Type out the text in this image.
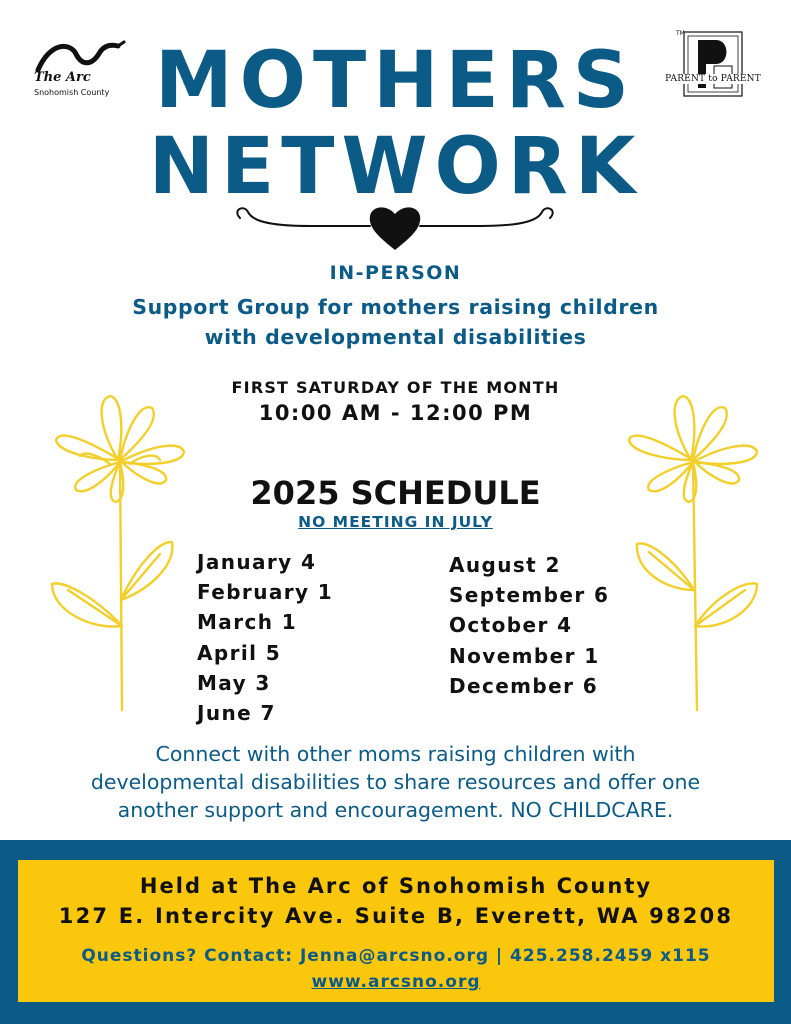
The Arc
Snohomish County
TM
PARENT to PARENT
MOTHERS
NETWORK
IN-PERSON
Support Group for mothers raising children
with developmental disabilities
FIRST SATURDAY OF THE MONTH
10:00 AM - 12:00 PM
2025 SCHEDULE
NO MEETING IN JULY
January 4
February 1
March 1
April 5
May 3
June 7
August 2
September 6
October 4
November 1
December 6
Connect with other moms raising children with
developmental disabilities to share resources and offer one
another support and encouragement. NO CHILDCARE.
Held at The Arc of Snohomish County
127 E. Intercity Ave. Suite B, Everett, WA 98208
Questions? Contact: Jenna@arcsno.org | 425.258.2459 x115
www.arcsno.org
